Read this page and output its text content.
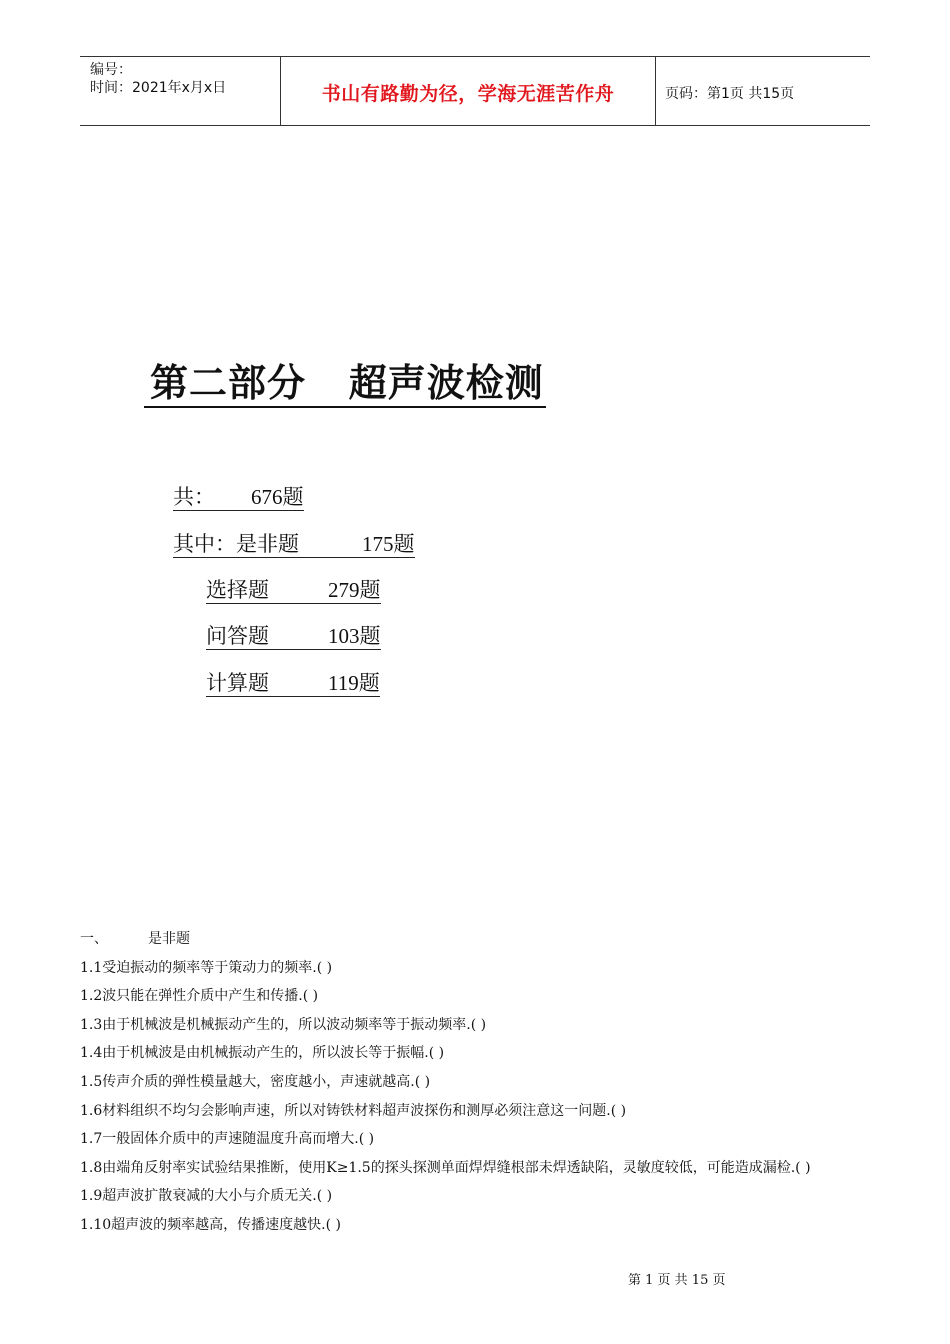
编号：
时间：2021年x月x日	书山有路勤为径，学海无涯苦作舟	页码：第1页 共15页
第二部分   超声波检测
共： 676题
其中：是非题	175题
选择题	279题
问答题	103题
计算题	119题
一、	是非题
1.1受迫振动的频率等于策动力的频率.( )
1.2波只能在弹性介质中产生和传播.( )
1.3由于机械波是机械振动产生的，所以波动频率等于振动频率.( )
1.4由于机械波是由机械振动产生的，所以波长等于振幅.( )
1.5传声介质的弹性模量越大，密度越小，声速就越高.( )
1.6材料组织不均匀会影响声速，所以对铸铁材料超声波探伤和测厚必须注意这一问题.( )
1.7一般固体介质中的声速随温度升高而增大.( )
1.8由端角反射率实试验结果推断，使用K≥1.5的探头探测单面焊焊缝根部未焊透缺陷，灵敏度较低，可能造成漏检.( )
1.9超声波扩散衰减的大小与介质无关.( )
1.10超声波的频率越高，传播速度越快.( )
第 1 页 共 15 页
